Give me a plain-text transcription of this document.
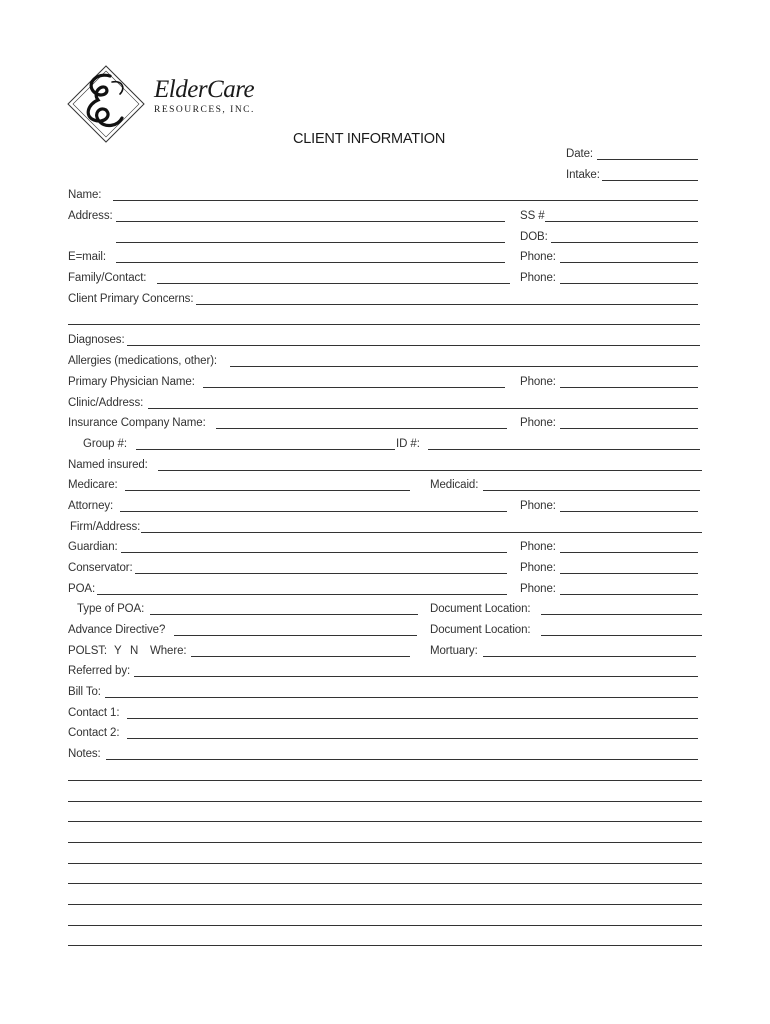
ElderCare
RESOURCES, INC.
CLIENT INFORMATION
Date:
Intake:
Name:
Address:	SS #
DOB:
E=mail:	Phone:
Family/Contact:	Phone:
Client Primary Concerns:
Diagnoses:
Allergies (medications, other):
Primary Physician Name:	Phone:
Clinic/Address:
Insurance Company Name:	Phone:
Group #:	ID #:
Named insured:
Medicare:	Medicaid:
Attorney:	Phone:
Firm/Address:
Guardian:	Phone:
Conservator:	Phone:
POA:	Phone:
Type of POA:	Document Location:
Advance Directive?	Document Location:
POLST: Y N Where:	Mortuary:
Referred by:
Bill To:
Contact 1:
Contact 2:
Notes:
